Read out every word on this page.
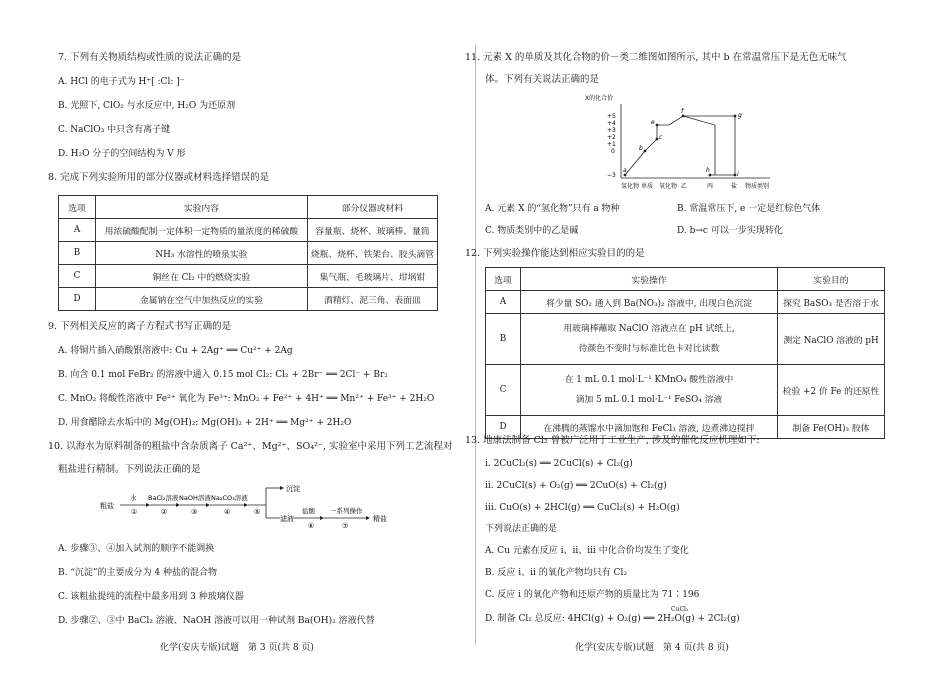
7. 下列有关物质结构或性质的说法正确的是
A. HCl 的电子式为 H⁺[ :Cl: ]⁻
B. 光照下, ClO₂ 与水反应中, H₂O 为还原剂
C. NaClO₃ 中只含有离子键
D. H₂O 分子的空间结构为 V 形
8. 完成下列实验所用的部分仪器或材料选择错误的是
选项	实验内容	部分仪器或材料
A	用浓硫酸配制一定体积一定物质的量浓度的稀硫酸	容量瓶、烧杯、玻璃棒、量筒
B	NH₃ 水溶性的喷泉实验	烧瓶、烧杯、铁架台、胶头滴管
C	铜丝在 Cl₂ 中的燃烧实验	集气瓶、毛玻璃片、坩埚钳
D	金属钠在空气中加热反应的实验	酒精灯、泥三角、表面皿
9. 下列相关反应的离子方程式书写正确的是
A. 将铜片插入硝酸银溶液中: Cu + 2Ag⁺ ══ Cu²⁺ + 2Ag
B. 向含 0.1 mol FeBr₂ 的溶液中通入 0.15 mol Cl₂: Cl₂ + 2Br⁻ ══ 2Cl⁻ + Br₂
C. MnO₂ 将酸性溶液中 Fe²⁺ 氧化为 Fe³⁺: MnO₂ + Fe²⁺ + 4H⁺ ══ Mn²⁺ + Fe³⁺ + 2H₂O
D. 用食醋除去水垢中的 Mg(OH)₂: Mg(OH)₂ + 2H⁺ ══ Mg²⁺ + 2H₂O
10. 以海水为原料制备的粗盐中含杂质离子 Ca²⁺、Mg²⁺、SO₄²⁻, 实验室中采用下列工艺流程对
粗盐进行精制。下列说法正确的是
粗盐
水 BaCl₂溶液 NaOH溶液 Na₂CO₃溶液
①	②	③	④	⑤
沉淀
滤液
盐酸
⑥
一系列操作
⑦
精盐
A. 步骤③、④加入试剂的顺序不能调换
B. “沉淀”的主要成分为 4 种盐的混合物
C. 该粗盐提纯的流程中最多用到 3 种玻璃仪器
D. 步骤②、③中 BaCl₂ 溶液、NaOH 溶液可以用一种试剂 Ba(OH)₂ 溶液代替
化学(安庆专版)试题　第 3 页(共 8 页)
11. 元素 X 的单质及其化合物的价－类二维图如图所示, 其中 b 在常温常压下是无色无味气
体。下列有关说法正确的是
X的化合价
+5
+4
+3
+2
+1
0
−3
a
b
c
e
f
g
h
i
氢化物 单质 氧化物 乙	丙	盐 物质类别
A. 元素 X 的“氢化物”只有 a 物种	B. 常温常压下, e 一定是红棕色气体
C. 物质类别中的乙是碱	D. b→c 可以一步实现转化
12. 下列实验操作能达到相应实验目的的是
选项	实验操作	实验目的
A	将少量 SO₂ 通入到 Ba(NO₃)₂ 溶液中, 出现白色沉淀	探究 BaSO₃ 是否溶于水
B	用玻璃棒蘸取 NaClO 溶液点在 pH 试纸上,
待颜色不变时与标准比色卡对比读数	测定 NaClO 溶液的 pH
C	在 1 mL 0.1 mol·L⁻¹ KMnO₄ 酸性溶液中
滴加 5 mL 0.1 mol·L⁻¹ FeSO₄ 溶液	检验 +2 价 Fe 的还原性
D	在沸腾的蒸馏水中滴加饱和 FeCl₃ 溶液, 边煮沸边搅拌	制备 Fe(OH)₃ 胶体
13. 地康法制备 Cl₂ 曾被广泛用于工业生产, 涉及的催化反应机理如下:
ⅰ. 2CuCl₂(s) ══ 2CuCl(s) + Cl₂(g)
ⅱ. 2CuCl(s) + O₂(g) ══ 2CuO(s) + Cl₂(g)
ⅲ. CuO(s) + 2HCl(g) ══ CuCl₂(s) + H₂O(g)
下列说法正确的是
A. Cu 元素在反应 ⅰ、ⅱ、ⅲ 中化合价均发生了变化
B. 反应 ⅰ、ⅱ 的氧化产物均只有 Cl₂
C. 反应 ⅰ 的氧化产物和还原产物的质量比为 71∶196
CuCl₂
D. 制备 Cl₂ 总反应: 4HCl(g) + O₂(g) ══ 2H₂O(g) + 2Cl₂(g)
化学(安庆专版)试题　第 4 页(共 8 页)
